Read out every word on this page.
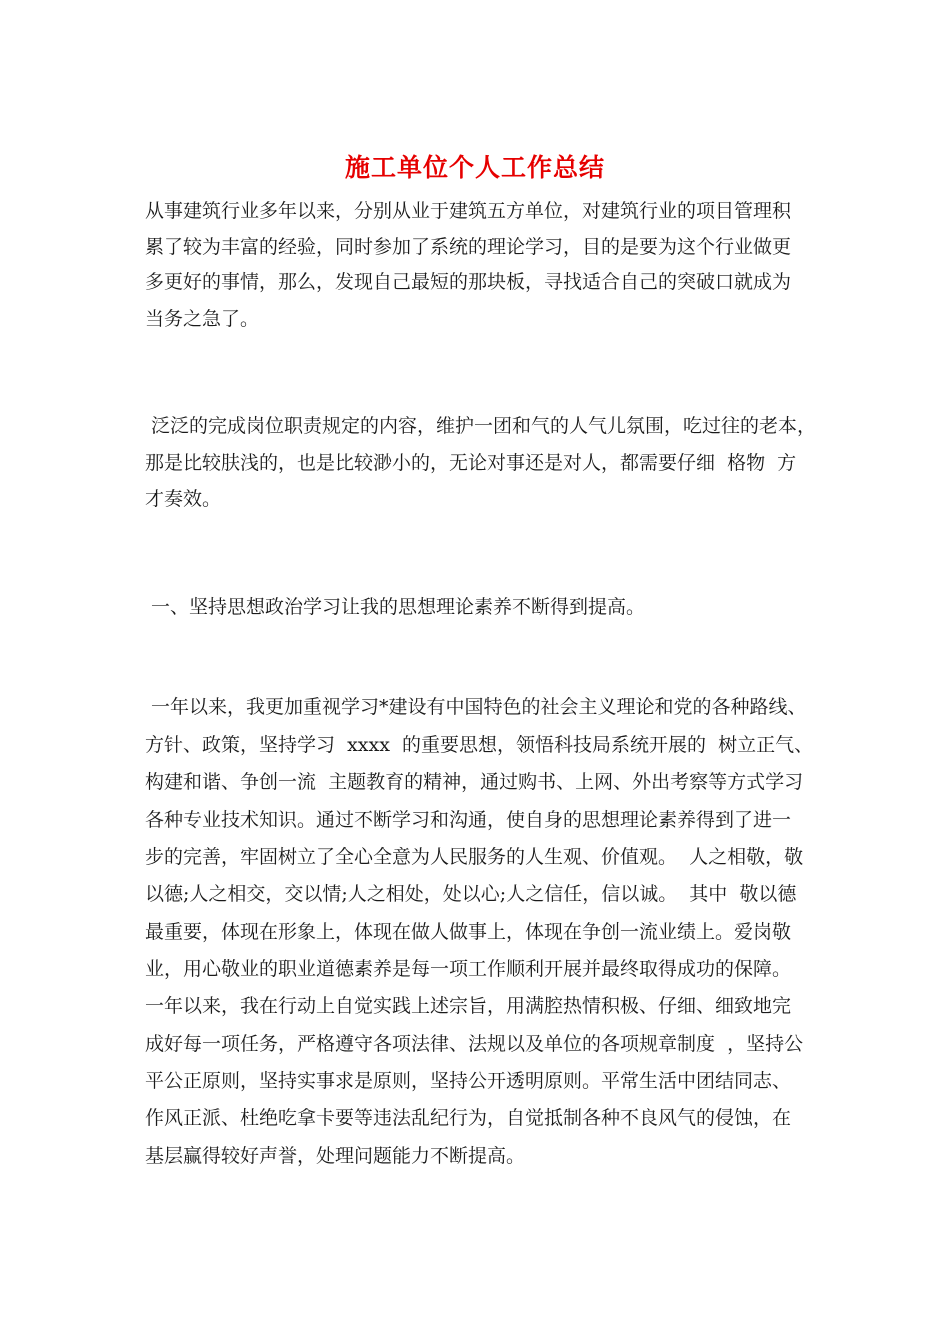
施工单位个人工作总结

从事建筑行业多年以来，分别从业于建筑五方单位，对建筑行业的项目管理积

累了较为丰富的经验，同时参加了系统的理论学习，目的是要为这个行业做更

多更好的事情，那么，发现自己最短的那块板，寻找适合自己的突破口就成为

当务之急了。

泛泛的完成岗位职责规定的内容，维护一团和气的人气儿氛围，吃过往的老本，

那是比较肤浅的，也是比较渺小的，无论对事还是对人，都需要仔细  格物  方

才奏效。

一、坚持思想政治学习让我的思想理论素养不断得到提高。

一年以来，我更加重视学习*建设有中国特色的社会主义理论和党的各种路线、

方针、政策，坚持学习  xxxx  的重要思想，领悟科技局系统开展的  树立正气、

构建和谐、争创一流  主题教育的精神，通过购书、上网、外出考察等方式学习

各种专业技术知识。通过不断学习和沟通，使自身的思想理论素养得到了进一

步的完善，牢固树立了全心全意为人民服务的人生观、价值观。  人之相敬，敬

以德;人之相交，交以情;人之相处，处以心;人之信任，信以诚。  其中  敬以德

最重要，体现在形象上，体现在做人做事上，体现在争创一流业绩上。爱岗敬

业，用心敬业的职业道德素养是每一项工作顺利开展并最终取得成功的保障。

一年以来，我在行动上自觉实践上述宗旨，用满腔热情积极、仔细、细致地完

成好每一项任务，严格遵守各项法律、法规以及单位的各项规章制度  ，坚持公

平公正原则，坚持实事求是原则，坚持公开透明原则。平常生活中团结同志、

作风正派、杜绝吃拿卡要等违法乱纪行为，自觉抵制各种不良风气的侵蚀，在

基层赢得较好声誉，处理问题能力不断提高。
